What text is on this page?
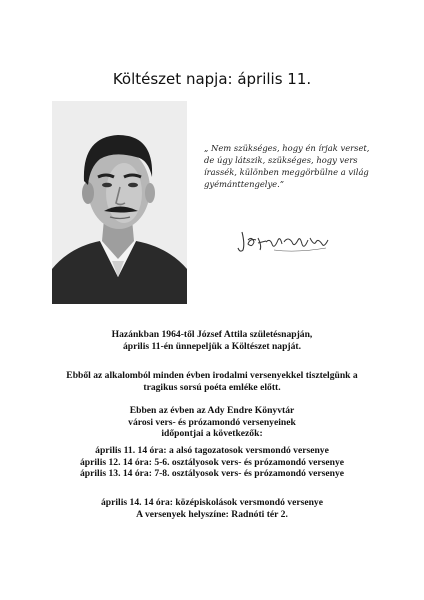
Költészet napja: április 11.
„ Nem szükséges, hogy én írjak verset,
de úgy látszik, szükséges, hogy vers
írassék, különben meggörbülne a világ
gyémánttengelye.”
Hazánkban 1964-től József Attila születésnapján,
április 11-én ünnepeljük a Költészet napját.
Ebből az alkalomból minden évben irodalmi versenyekkel tisztelgünk a
tragikus sorsú poéta emléke előtt.
Ebben az évben az Ady Endre Könyvtár
városi vers- és prózamondó versenyeinek
időpontjai a következők:
április 11. 14 óra: a alsó tagozatosok versmondó versenye
április 12. 14 óra: 5-6. osztályosok vers- és prózamondó versenye
április 13. 14 óra: 7-8. osztályosok vers- és prózamondó versenye
április 14. 14 óra: középiskolások versmondó versenye
A versenyek helyszíne: Radnóti tér 2.
